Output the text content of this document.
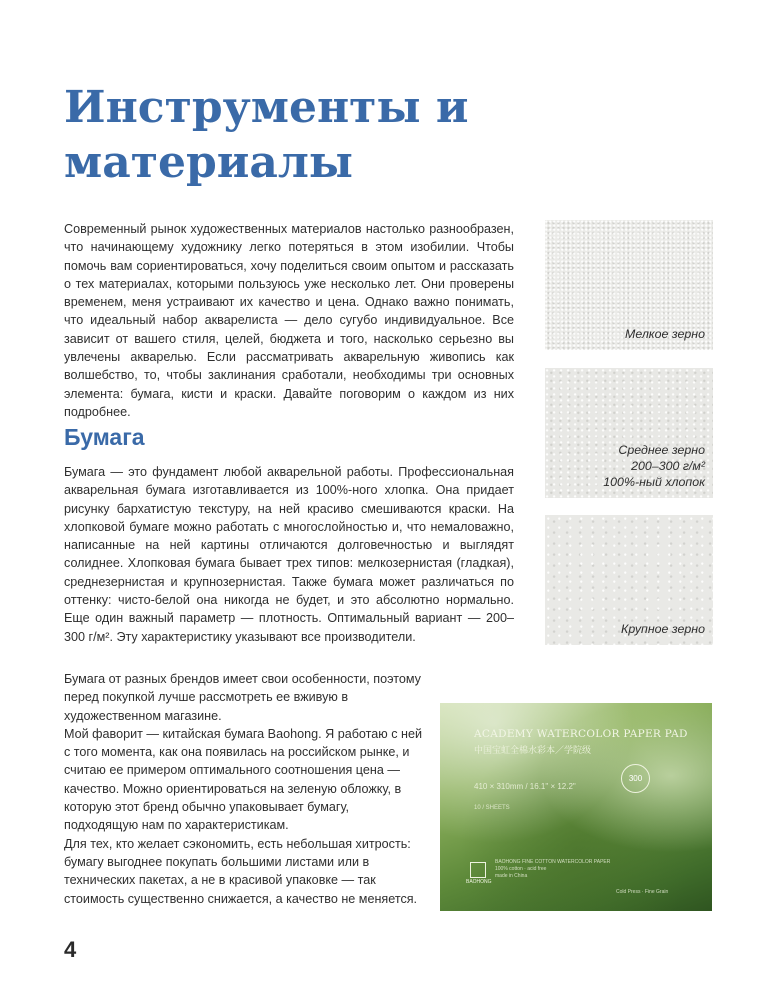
Инструменты и материалы

Современный рынок художественных материалов настолько разнообразен, что начинающему художнику легко потеряться в этом изобилии. Чтобы помочь вам сориентироваться, хочу поделиться своим опытом и рассказать о тех материалах, которыми пользуюсь уже несколько лет. Они проверены временем, меня устраивают их качество и цена. Однако важно понимать, что идеальный набор акварелиста — дело сугубо индивидуальное. Все зависит от вашего стиля, целей, бюджета и того, насколько серьезно вы увлечены акварелью. Если рассматривать акварельную живопись как волшебство, то, чтобы заклинания сработали, необходимы три основных элемента: бумага, кисти и краски. Давайте поговорим о каждом из них подробнее.

Бумага

Бумага — это фундамент любой акварельной работы. Профессиональная акварельная бумага изготавливается из 100%-ного хлопка. Она придает рисунку бархатистую текстуру, на ней красиво смешиваются краски. На хлопковой бумаге можно работать с многослойностью и, что немаловажно, написанные на ней картины отличаются долговечностью и выглядят солиднее. Хлопковая бумага бывает трех типов: мелкозернистая (гладкая), среднезернистая и крупнозернистая. Также бумага может различаться по оттенку: чисто-белой она никогда не будет, и это абсолютно нормально. Еще один важный параметр — плотность. Оптимальный вариант — 200–300 г/м². Эту характеристику указывают все производители.

Бумага от разных брендов имеет свои особенности, поэтому перед покупкой лучше рассмотреть ее вживую в художественном магазине.
Мой фаворит — китайская бумага Baohong. Я работаю с ней с того момента, как она появилась на российском рынке, и считаю ее примером оптимального соотношения цена — качество. Можно ориентироваться на зеленую обложку, в которую этот бренд обычно упаковывает бумагу, подходящую нам по характеристикам.
Для тех, кто желает сэкономить, есть небольшая хитрость: бумагу выгоднее покупать большими листами или в технических пакетах, а не в красивой упаковке — так стоимость существенно снижается, а качество не меняется.
Мелкое зерно
Среднее зерно
200–300 г/м²
100%-ный хлопок
Крупное зерно
ACADEMY WATERCOLOR PAPER PAD
中国宝虹全棉水彩本／学院级
300
410 × 310mm / 16.1" × 12.2"
10 / SHEETS
BAOHONG
BAOHONG FINE COTTON WATERCOLOR PAPER
100% cotton · acid free
made in China
Cold Press · Fine Grain

4
